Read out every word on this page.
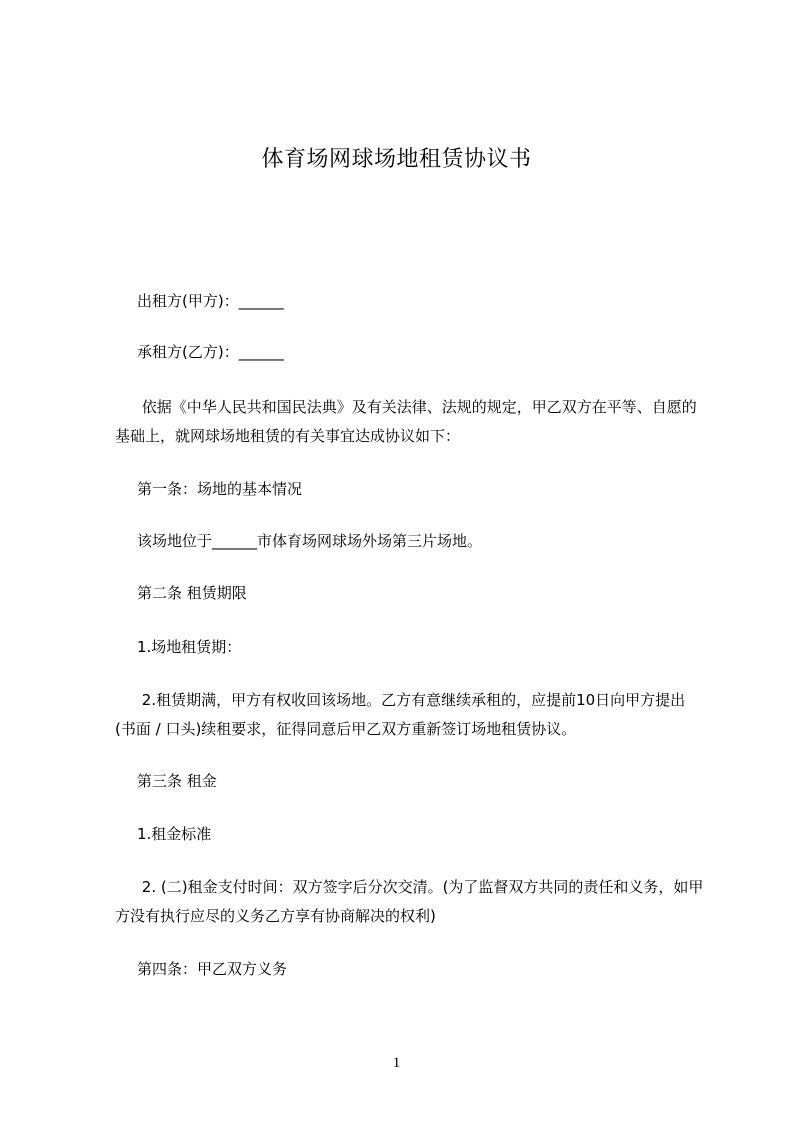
体育场网球场地租赁协议书

出租方(甲方)：______

承租方(乙方)：______

依据《中华人民共和国民法典》及有关法律、法规的规定，甲乙双方在平等、自愿的基础上，就网球场地租赁的有关事宜达成协议如下：

第一条：场地的基本情况

该场地位于______市体育场网球场外场第三片场地。

第二条 租赁期限

1.场地租赁期：

2.租赁期满，甲方有权收回该场地。乙方有意继续承租的，应提前10日向甲方提出(书面 / 口头)续租要求，征得同意后甲乙双方重新签订场地租赁协议。

第三条 租金

1.租金标准

2. (二)租金支付时间：双方签字后分次交清。(为了监督双方共同的责任和义务，如甲方没有执行应尽的义务乙方享有协商解决的权利)

第四条：甲乙双方义务

1
